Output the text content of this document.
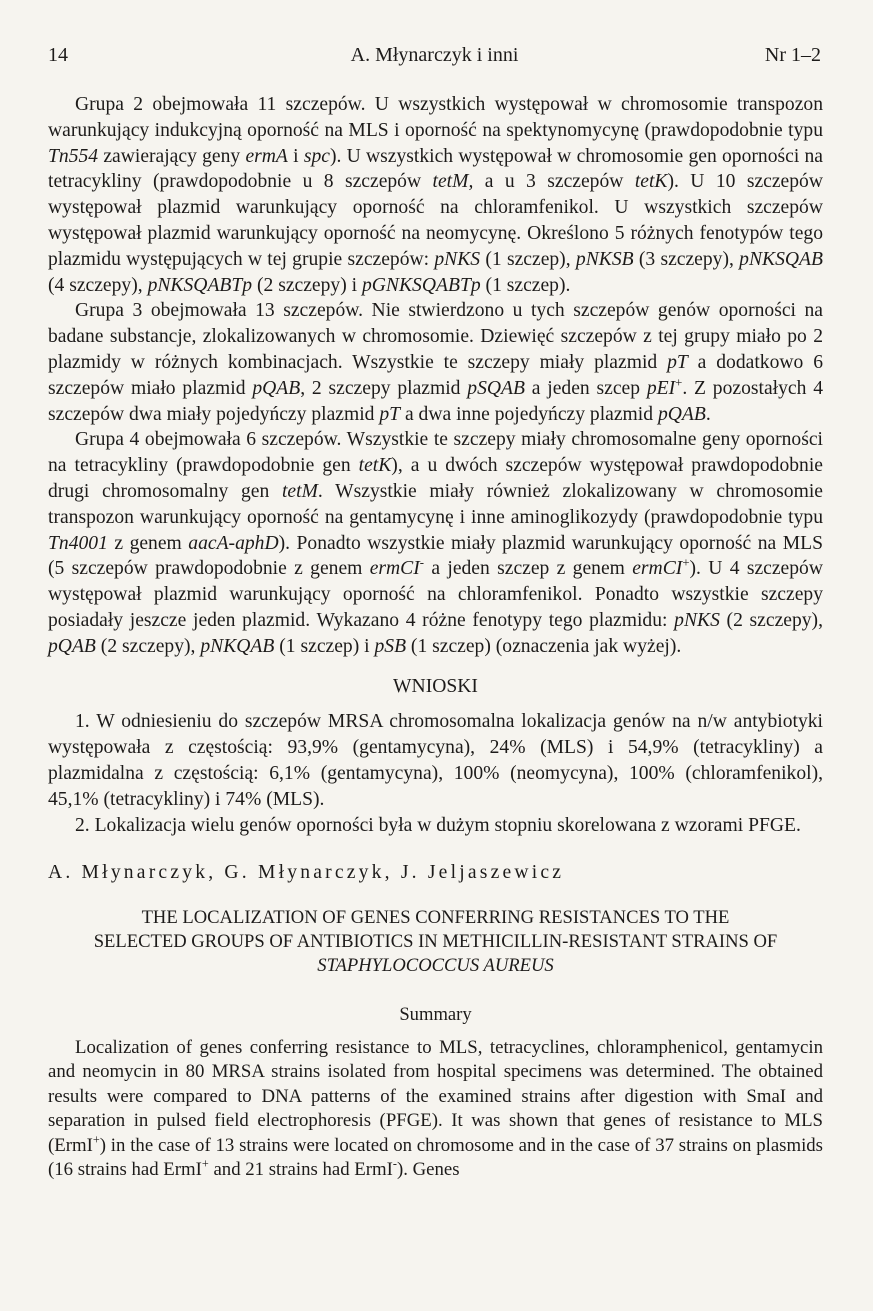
14	A. Młynarczyk i inni	Nr 1–2

Grupa 2 obejmowała 11 szczepów. U wszystkich występował w chromosomie transpozon warunkujący indukcyjną oporność na MLS i oporność na spektynomycynę (prawdopodobnie typu Tn554 zawierający geny ermA i spc). U wszystkich występował w chromosomie gen oporności na tetracykliny (prawdopodobnie u 8 szczepów tetM, a u 3 szczepów tetK). U 10 szczepów występował plazmid warunkujący oporność na chloramfenikol. U wszystkich szczepów występował plazmid warunkujący oporność na neomycynę. Określono 5 różnych fenotypów tego plazmidu występujących w tej grupie szczepów: pNKS (1 szczep), pNKSB (3 szczepy), pNKSQAB (4 szczepy), pNKSQABTp (2 szczepy) i pGNKSQABTp (1 szczep).

Grupa 3 obejmowała 13 szczepów. Nie stwierdzono u tych szczepów genów oporności na badane substancje, zlokalizowanych w chromosomie. Dziewięć szczepów z tej grupy miało po 2 plazmidy w różnych kombinacjach. Wszystkie te szczepy miały plazmid pT a dodatkowo 6 szczepów miało plazmid pQAB, 2 szczepy plazmid pSQAB a jeden szcep pEI+. Z pozostałych 4 szczepów dwa miały pojedyńczy plazmid pT a dwa inne pojedyńczy plazmid pQAB.

Grupa 4 obejmowała 6 szczepów. Wszystkie te szczepy miały chromosomalne geny oporności na tetracykliny (prawdopodobnie gen tetK), a u dwóch szczepów występował prawdopodobnie drugi chromosomalny gen tetM. Wszystkie miały również zlokalizowany w chromosomie transpozon warunkujący oporność na gentamycynę i inne aminoglikozydy (prawdopodobnie typu Tn4001 z genem aacA-aphD). Ponadto wszystkie miały plazmid warunkujący oporność na MLS (5 szczepów prawdopodobnie z genem ermCI- a jeden szczep z genem ermCI+). U 4 szczepów występował plazmid warunkujący oporność na chloramfenikol. Ponadto wszystkie szczepy posiadały jeszcze jeden plazmid. Wykazano 4 różne fenotypy tego plazmidu: pNKS (2 szczepy), pQAB (2 szczepy), pNKQAB (1 szczep) i pSB (1 szczep) (oznaczenia jak wyżej).

WNIOSKI

1. W odniesieniu do szczepów MRSA chromosomalna lokalizacja genów na n/w antybiotyki występowała z częstością: 93,9% (gentamycyna), 24% (MLS) i 54,9% (tetracykliny) a plazmidalna z częstością: 6,1% (gentamycyna), 100% (neomycyna), 100% (chloramfenikol), 45,1% (tetracykliny) i 74% (MLS).

2. Lokalizacja wielu genów oporności była w dużym stopniu skorelowana z wzorami PFGE.

A. Młynarczyk, G. Młynarczyk, J. Jeljaszewicz

THE LOCALIZATION OF GENES CONFERRING RESISTANCES TO THE
SELECTED GROUPS OF ANTIBIOTICS IN METHICILLIN-RESISTANT STRAINS OF
STAPHYLOCOCCUS AUREUS

Summary

Localization of genes conferring resistance to MLS, tetracyclines, chloramphenicol, gentamycin and neomycin in 80 MRSA strains isolated from hospital specimens was determined. The obtained results were compared to DNA patterns of the examined strains after digestion with SmaI and separation in pulsed field electrophoresis (PFGE). It was shown that genes of resistance to MLS (ErmI+) in the case of 13 strains were located on chromosome and in the case of 37 strains on plasmids (16 strains had ErmI+ and 21 strains had ErmI-). Genes
